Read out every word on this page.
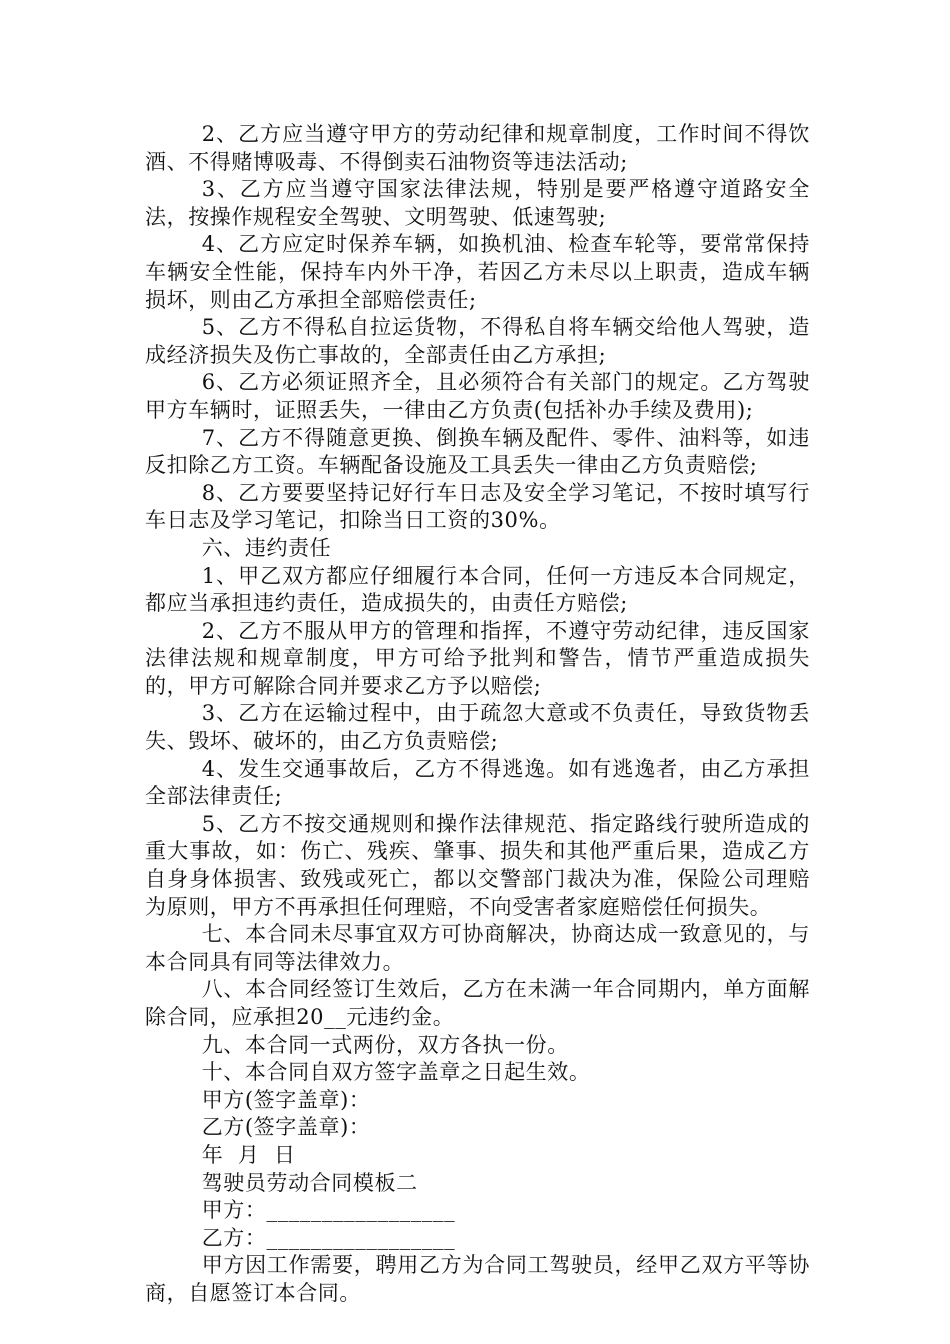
2、乙方应当遵守甲方的劳动纪律和规章制度，工作时间不得饮酒、不得赌博吸毒、不得倒卖石油物资等违法活动;

3、乙方应当遵守国家法律法规，特别是要严格遵守道路安全法，按操作规程安全驾驶、文明驾驶、低速驾驶;

4、乙方应定时保养车辆，如换机油、检查车轮等，要常常保持车辆安全性能，保持车内外干净，若因乙方未尽以上职责，造成车辆损坏，则由乙方承担全部赔偿责任;

5、乙方不得私自拉运货物，不得私自将车辆交给他人驾驶，造成经济损失及伤亡事故的，全部责任由乙方承担;

6、乙方必须证照齐全，且必须符合有关部门的规定。乙方驾驶甲方车辆时，证照丢失，一律由乙方负责(包括补办手续及费用);

7、乙方不得随意更换、倒换车辆及配件、零件、油料等，如违反扣除乙方工资。车辆配备设施及工具丢失一律由乙方负责赔偿;

8、乙方要要坚持记好行车日志及安全学习笔记，不按时填写行车日志及学习笔记，扣除当日工资的30%。

六、违约责任

1、甲乙双方都应仔细履行本合同，任何一方违反本合同规定，都应当承担违约责任，造成损失的，由责任方赔偿;

2、乙方不服从甲方的管理和指挥，不遵守劳动纪律，违反国家法律法规和规章制度，甲方可给予批判和警告，情节严重造成损失的，甲方可解除合同并要求乙方予以赔偿;

3、乙方在运输过程中，由于疏忽大意或不负责任，导致货物丢失、毁坏、破坏的，由乙方负责赔偿;

4、发生交通事故后，乙方不得逃逸。如有逃逸者，由乙方承担全部法律责任;

5、乙方不按交通规则和操作法律规范、指定路线行驶所造成的重大事故，如：伤亡、残疾、肇事、损失和其他严重后果，造成乙方自身身体损害、致残或死亡，都以交警部门裁决为准，保险公司理赔为原则，甲方不再承担任何理赔，不向受害者家庭赔偿任何损失。

七、本合同未尽事宜双方可协商解决，协商达成一致意见的，与本合同具有同等法律效力。

八、本合同经签订生效后，乙方在未满一年合同期内，单方面解除合同，应承担20__元违约金。

九、本合同一式两份，双方各执一份。

十、本合同自双方签字盖章之日起生效。

甲方(签字盖章)：

乙方(签字盖章)：

年  月  日

驾驶员劳动合同模板二

甲方：_________________

乙方：_________________

甲方因工作需要，聘用乙方为合同工驾驶员，经甲乙双方平等协商，自愿签订本合同。
